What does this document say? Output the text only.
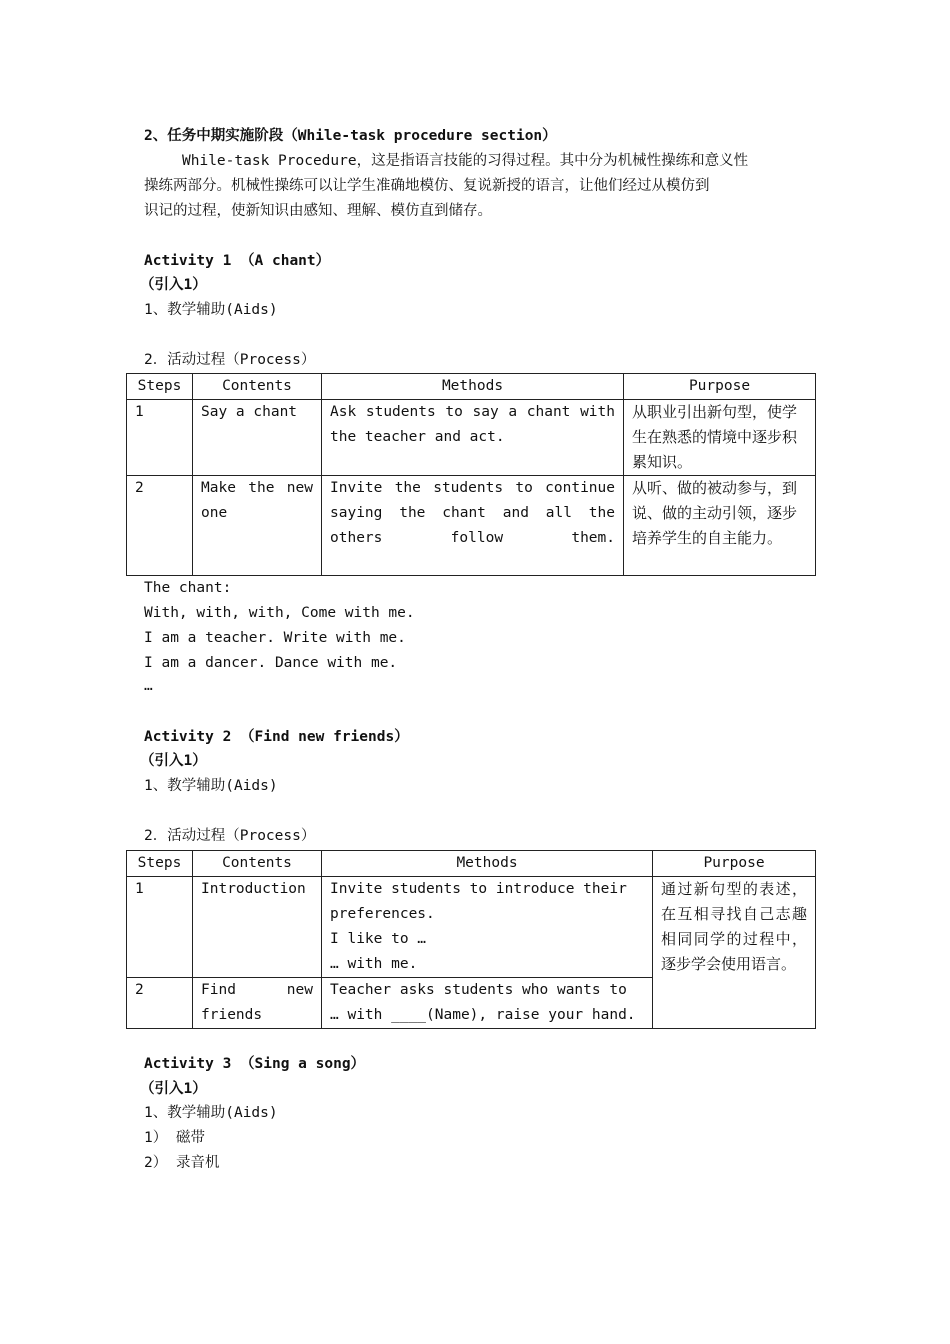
2、任务中期实施阶段（While-task procedure section）
While-task Procedure，这是指语言技能的习得过程。其中分为机械性操练和意义性
操练两部分。机械性操练可以让学生准确地模仿、复说新授的语言，让他们经过从模仿到
识记的过程，使新知识由感知、理解、模仿直到储存。
Activity 1 （A chant）
（引入1）
1、教学辅助(Aids)
2．活动过程（Process）
Steps	Contents	Methods	Purpose
1	Say a chant	Ask students to say a chant with the teacher and act.	从职业引出新句型，使学生在熟悉的情境中逐步积累知识。
2	Make the new one	Invite the students to continue saying the chant and all the others follow them.	从听、做的被动参与，到说、做的主动引领，逐步培养学生的自主能力。
The chant:
With, with, with, Come with me.
I am a teacher. Write with me.
I am a dancer. Dance with me.
…
Activity 2 （Find new friends）
（引入1）
1、教学辅助(Aids)
2．活动过程（Process）
Steps	Contents	Methods	Purpose
1	Introduction	Invite students to introduce their preferences.
I like to …
… with me.	通过新句型的表述，在互相寻找自己志趣相同同学的过程中，逐步学会使用语言。
2	Find new friends	Teacher asks students who wants to … with ____(Name), raise your hand.	
Activity 3 （Sing a song）
（引入1）
1、教学辅助(Aids)
1） 磁带
2） 录音机
